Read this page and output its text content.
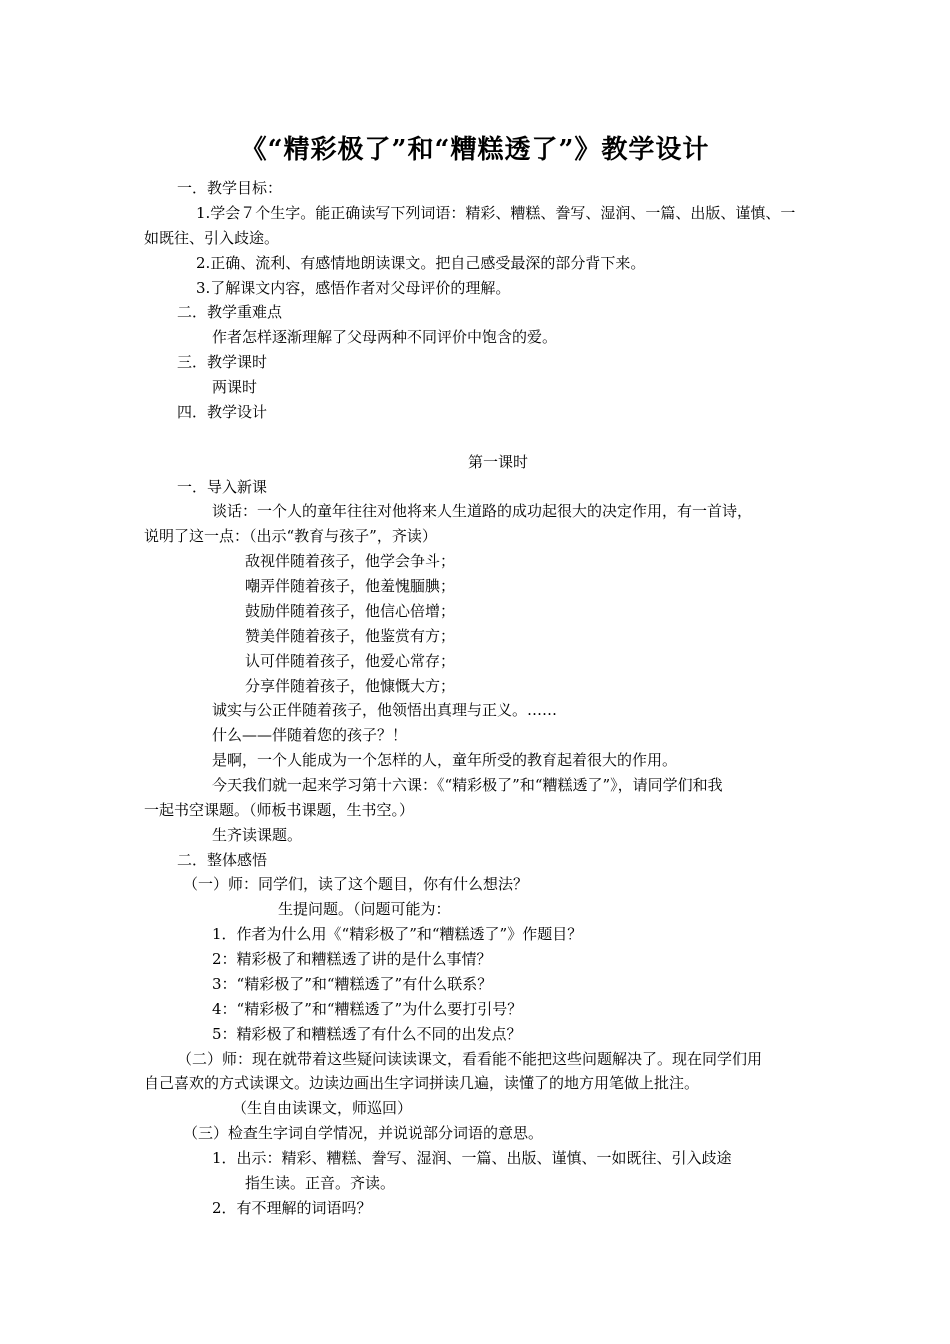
《“精彩极了”和“糟糕透了”》教学设计
一．教学目标：
1.学会７个生字。能正确读写下列词语：精彩、糟糕、誊写、湿润、一篇、出版、谨慎、一
如既往、引入歧途。
2.正确、流利、有感情地朗读课文。把自己感受最深的部分背下来。
3.了解课文内容，感悟作者对父母评价的理解。
二．教学重难点
作者怎样逐渐理解了父母两种不同评价中饱含的爱。
三．教学课时
两课时
四．教学设计
第一课时
一．导入新课
谈话：一个人的童年往往对他将来人生道路的成功起很大的决定作用，有一首诗，
说明了这一点：（出示“教育与孩子”，齐读）
敌视伴随着孩子，他学会争斗；
嘲弄伴随着孩子，他羞愧腼腆；
鼓励伴随着孩子，他信心倍增；
赞美伴随着孩子，他鉴赏有方；
认可伴随着孩子，他爱心常存；
分享伴随着孩子，他慷慨大方；
诚实与公正伴随着孩子，他领悟出真理与正义。……
什么——伴随着您的孩子？！
是啊，一个人能成为一个怎样的人，童年所受的教育起着很大的作用。
今天我们就一起来学习第十六课：《“精彩极了”和“糟糕透了”》，请同学们和我
一起书空课题。（师板书课题，生书空。）
生齐读课题。
二．整体感悟
（一）师：同学们，读了这个题目，你有什么想法？
生提问题。（问题可能为：
1．作者为什么用《“精彩极了”和“糟糕透了”》作题目？
2：精彩极了和糟糕透了讲的是什么事情？
3：“精彩极了”和“糟糕透了”有什么联系？
4：“精彩极了”和“糟糕透了”为什么要打引号？
5：精彩极了和糟糕透了有什么不同的出发点？
（二）师：现在就带着这些疑问读读课文，看看能不能把这些问题解决了。现在同学们用
自己喜欢的方式读课文。边读边画出生字词拼读几遍，读懂了的地方用笔做上批注。
（生自由读课文，师巡回）
（三）检查生字词自学情况，并说说部分词语的意思。
1．出示：精彩、糟糕、誊写、湿润、一篇、出版、谨慎、一如既往、引入歧途
指生读。正音。齐读。
2．有不理解的词语吗？
